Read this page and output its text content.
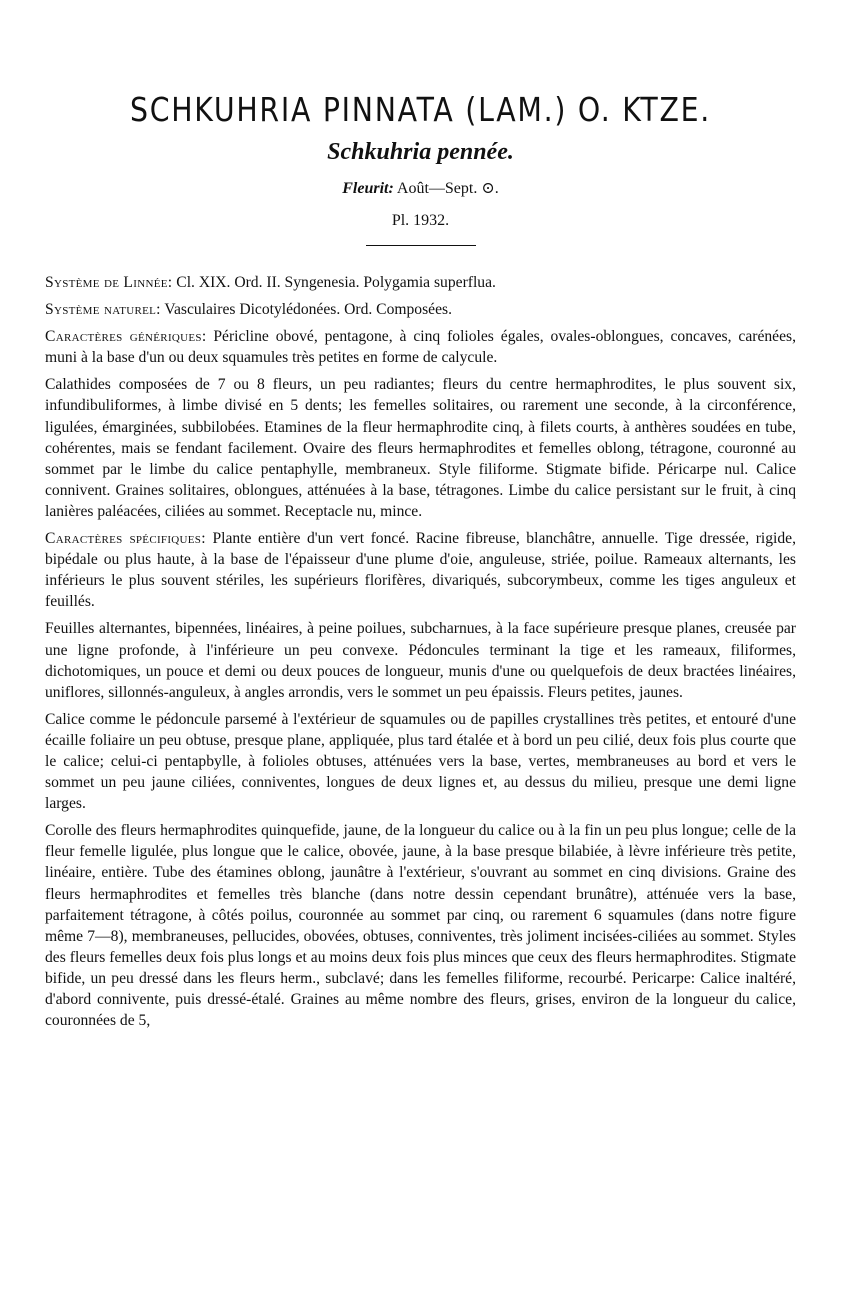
SCHKUHRIA PINNATA (LAM.) O. KTZE.
Schkuhria pennée.
Fleurit: Août—Sept. ⊙.
Pl. 1932.

Système de Linnée: Cl. XIX. Ord. II. Syngenesia. Polygamia superflua.

Système naturel: Vasculaires Dicotylédonées. Ord. Composées.

Caractères génériques: Péricline obové, pentagone, à cinq folioles égales, ovales-oblongues, concaves, carénées, muni à la base d'un ou deux squamules très petites en forme de calycule.

Calathides composées de 7 ou 8 fleurs, un peu radiantes; fleurs du centre hermaphrodites, le plus souvent six, infundibuliformes, à limbe divisé en 5 dents; les femelles solitaires, ou rarement une seconde, à la circonférence, ligulées, émarginées, subbilobées. Etamines de la fleur hermaphrodite cinq, à filets courts, à anthères soudées en tube, cohérentes, mais se fendant facilement. Ovaire des fleurs hermaphrodites et femelles oblong, tétragone, couronné au sommet par le limbe du calice pentaphylle, membraneux. Style filiforme. Stigmate bifide. Péricarpe nul. Calice connivent. Graines solitaires, oblongues, atténuées à la base, tétragones. Limbe du calice persistant sur le fruit, à cinq lanières paléacées, ciliées au sommet. Receptacle nu, mince.

Caractères spécifiques: Plante entière d'un vert foncé. Racine fibreuse, blanchâtre, annuelle. Tige dressée, rigide, bipédale ou plus haute, à la base de l'épaisseur d'une plume d'oie, anguleuse, striée, poilue. Rameaux alternants, les inférieurs le plus souvent stériles, les supérieurs florifères, divariqués, subcorymbeux, comme les tiges anguleux et feuillés.

Feuilles alternantes, bipennées, linéaires, à peine poilues, subcharnues, à la face supérieure presque planes, creusée par une ligne profonde, à l'inférieure un peu convexe. Pédoncules terminant la tige et les rameaux, filiformes, dichotomiques, un pouce et demi ou deux pouces de longueur, munis d'une ou quelquefois de deux bractées linéaires, uniflores, sillonnés-anguleux, à angles arrondis, vers le sommet un peu épaissis. Fleurs petites, jaunes.

Calice comme le pédoncule parsemé à l'extérieur de squamules ou de papilles crystallines très petites, et entouré d'une écaille foliaire un peu obtuse, presque plane, appliquée, plus tard étalée et à bord un peu cilié, deux fois plus courte que le calice; celui-ci pentapbylle, à folioles obtuses, atténuées vers la base, vertes, membraneuses au bord et vers le sommet un peu jaune ciliées, conniventes, longues de deux lignes et, au dessus du milieu, presque une demi ligne larges.

Corolle des fleurs hermaphrodites quinquefide, jaune, de la longueur du calice ou à la fin un peu plus longue; celle de la fleur femelle ligulée, plus longue que le calice, obovée, jaune, à la base presque bilabiée, à lèvre inférieure très petite, linéaire, entière. Tube des étamines oblong, jaunâtre à l'extérieur, s'ouvrant au sommet en cinq divisions. Graine des fleurs hermaphrodites et femelles très blanche (dans notre dessin cependant brunâtre), atténuée vers la base, parfaitement tétragone, à côtés poilus, couronnée au sommet par cinq, ou rarement 6 squamules (dans notre figure même 7—8), membraneuses, pellucides, obovées, obtuses, conniventes, très joliment incisées-ciliées au sommet. Styles des fleurs femelles deux fois plus longs et au moins deux fois plus minces que ceux des fleurs hermaphrodites. Stigmate bifide, un peu dressé dans les fleurs herm., subclavé; dans les femelles filiforme, recourbé. Pericarpe: Calice inaltéré, d'abord connivente, puis dressé-étalé. Graines au même nombre des fleurs, grises, environ de la longueur du calice, couronnées de 5,
